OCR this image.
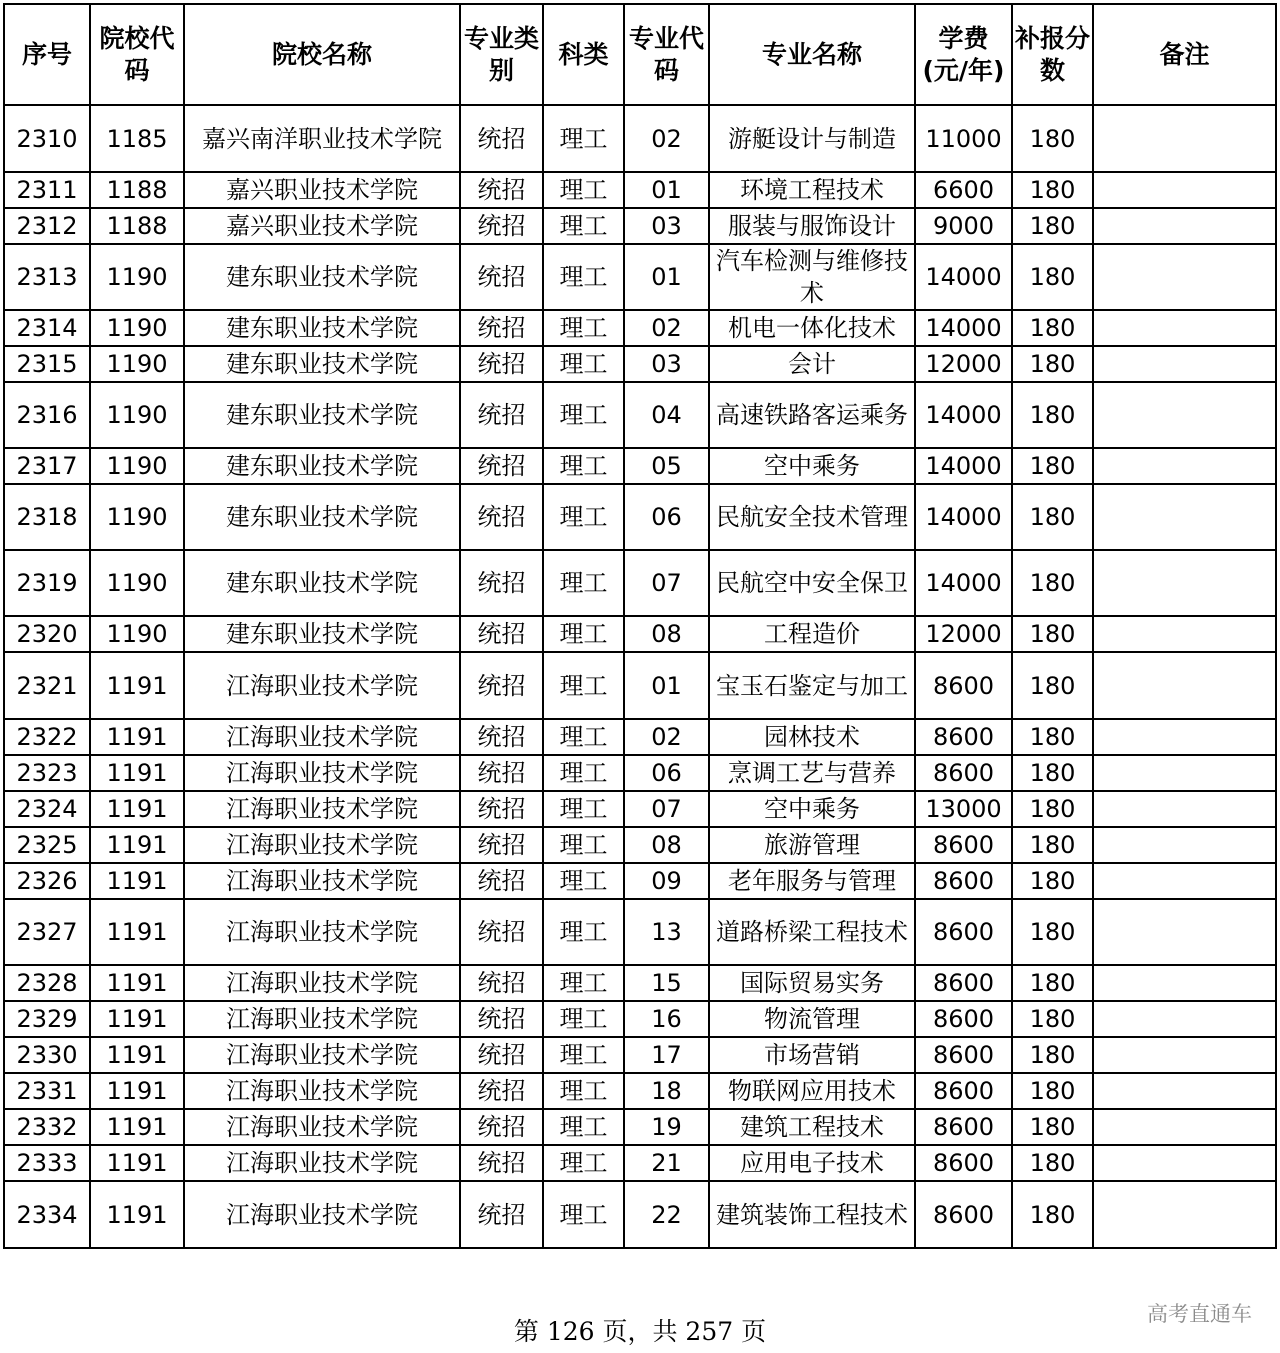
序号	院校代码	院校名称	专业类别	科类	专业代码	专业名称	学费(元/年)	补报分数	备注
2310	1185	嘉兴南洋职业技术学院	统招	理工	02	游艇设计与制造	11000	180	
2311	1188	嘉兴职业技术学院	统招	理工	01	环境工程技术	6600	180	
2312	1188	嘉兴职业技术学院	统招	理工	03	服装与服饰设计	9000	180	
2313	1190	建东职业技术学院	统招	理工	01	汽车检测与维修技术	14000	180	
2314	1190	建东职业技术学院	统招	理工	02	机电一体化技术	14000	180	
2315	1190	建东职业技术学院	统招	理工	03	会计	12000	180	
2316	1190	建东职业技术学院	统招	理工	04	高速铁路客运乘务	14000	180	
2317	1190	建东职业技术学院	统招	理工	05	空中乘务	14000	180	
2318	1190	建东职业技术学院	统招	理工	06	民航安全技术管理	14000	180	
2319	1190	建东职业技术学院	统招	理工	07	民航空中安全保卫	14000	180	
2320	1190	建东职业技术学院	统招	理工	08	工程造价	12000	180	
2321	1191	江海职业技术学院	统招	理工	01	宝玉石鉴定与加工	8600	180	
2322	1191	江海职业技术学院	统招	理工	02	园林技术	8600	180	
2323	1191	江海职业技术学院	统招	理工	06	烹调工艺与营养	8600	180	
2324	1191	江海职业技术学院	统招	理工	07	空中乘务	13000	180	
2325	1191	江海职业技术学院	统招	理工	08	旅游管理	8600	180	
2326	1191	江海职业技术学院	统招	理工	09	老年服务与管理	8600	180	
2327	1191	江海职业技术学院	统招	理工	13	道路桥梁工程技术	8600	180	
2328	1191	江海职业技术学院	统招	理工	15	国际贸易实务	8600	180	
2329	1191	江海职业技术学院	统招	理工	16	物流管理	8600	180	
2330	1191	江海职业技术学院	统招	理工	17	市场营销	8600	180	
2331	1191	江海职业技术学院	统招	理工	18	物联网应用技术	8600	180	
2332	1191	江海职业技术学院	统招	理工	19	建筑工程技术	8600	180	
2333	1191	江海职业技术学院	统招	理工	21	应用电子技术	8600	180	
2334	1191	江海职业技术学院	统招	理工	22	建筑装饰工程技术	8600	180	
第 126 页，共 257 页
高考直通车
